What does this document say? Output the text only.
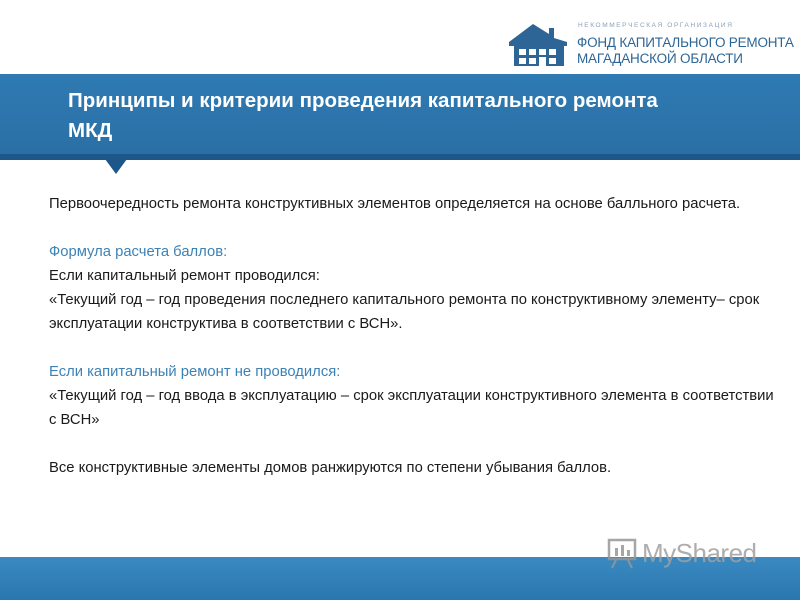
НЕКОММЕРЧЕСКАЯ ОРГАНИЗАЦИЯ
ФОНД КАПИТАЛЬНОГО РЕМОНТА
МАГАДАНСКОЙ ОБЛАСТИ
Принципы и критерии проведения капитального ремонта МКД

Первоочередность ремонта конструктивных элементов определяется на основе балльного расчета.

Формула расчета баллов:

Если капитальный ремонт проводился:

«Текущий год – год проведения последнего капитального ремонта по конструктивному элементу– срок эксплуатации конструктива в соответствии с ВСН».

Если капитальный ремонт не проводился:

«Текущий год – год ввода в эксплуатацию – срок эксплуатации конструктивного элемента в соответствии с ВСН»

Все конструктивные элементы домов ранжируются по степени убывания баллов.

MyShared
